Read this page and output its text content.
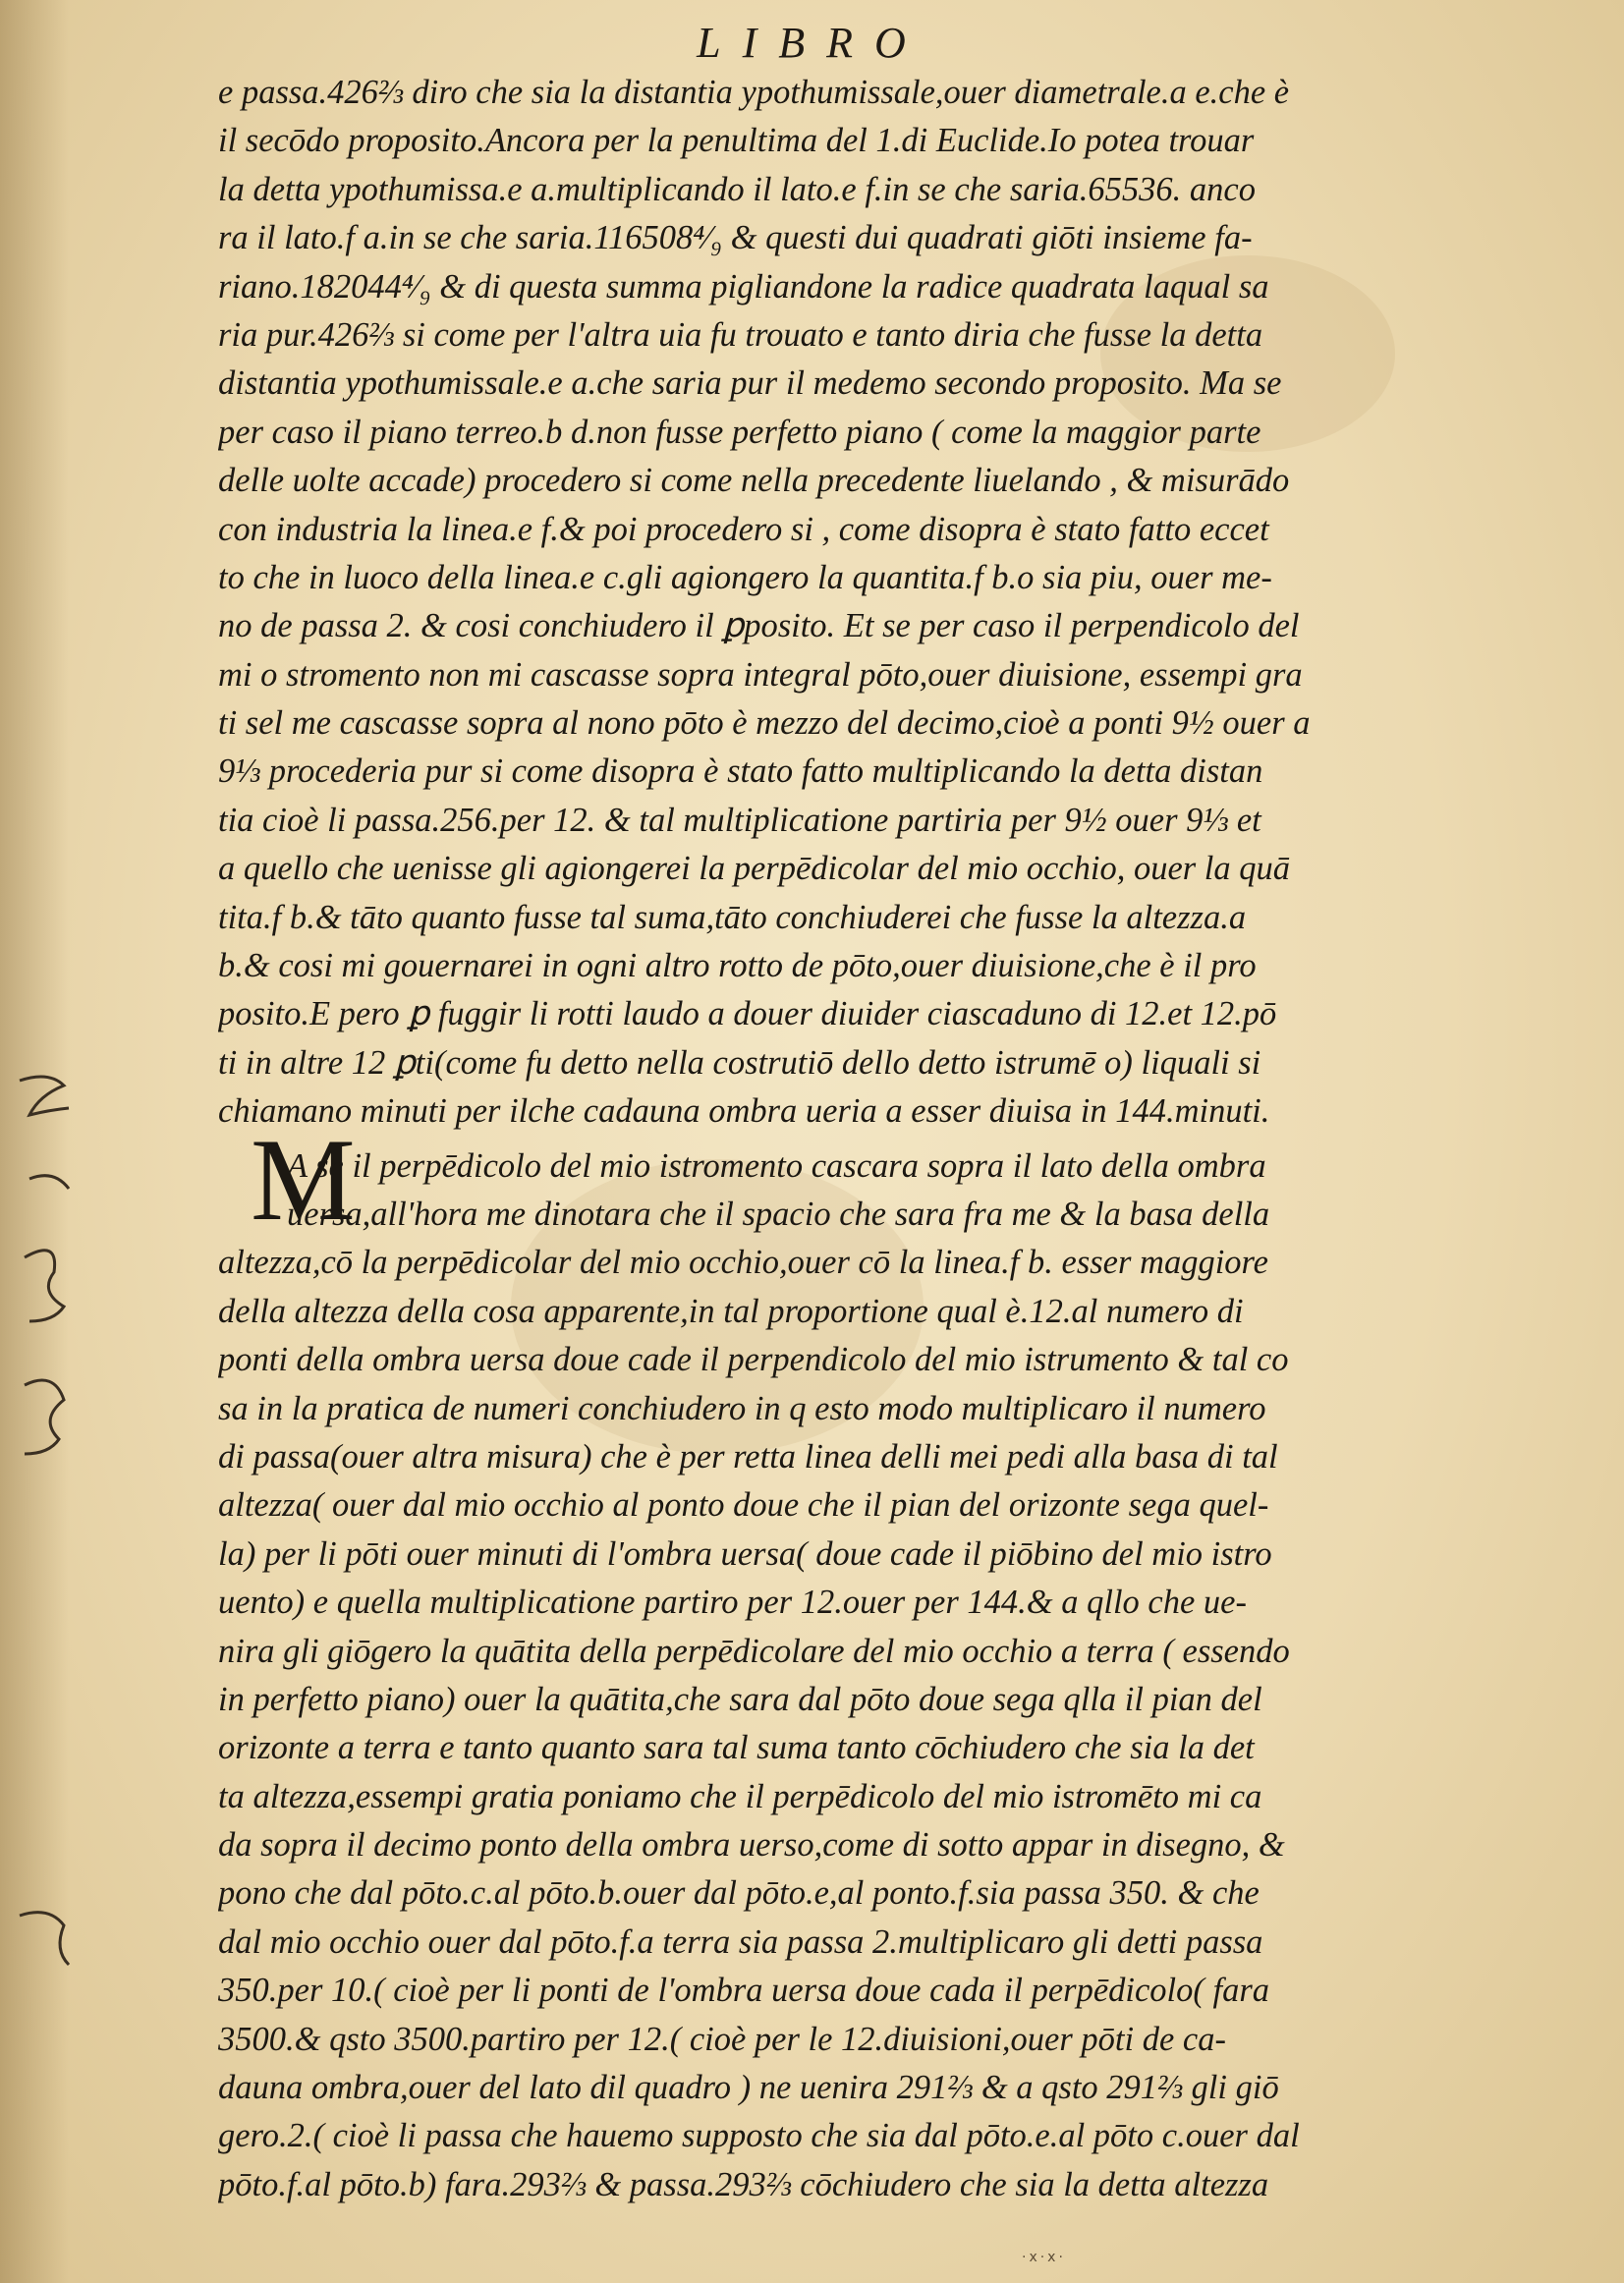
LIBRO
M
e passa.426⅔ diro che sia la distantia ypothumissale,ouer diametrale.a e.che è
il secōdo proposito.Ancora per la penultima del 1.di Euclide.Io potea trouar
la detta ypothumissa.e a.multiplicando il lato.e f.in se che saria.65536. anco
ra il lato.f a.in se che saria.116508⁴⁄₉ & questi dui quadrati giōti insieme fa-
riano.182044⁴⁄₉ & di questa summa pigliandone la radice quadrata laqual sa
ria pur.426⅔ si come per l'altra uia fu trouato e tanto diria che fusse la detta
distantia ypothumissale.e a.che saria pur il medemo secondo proposito. Ma se
per caso il piano terreo.b d.non fusse perfetto piano ( come la maggior parte
delle uolte accade) procedero si come nella precedente liuelando , & misurādo
con industria la linea.e f.& poi procedero si , come disopra è stato fatto eccet
to che in luoco della linea.e c.gli agiongero la quantita.f b.o sia piu, ouer me-
no de passa 2. & cosi conchiudero il ꝑposito. Et se per caso il perpendicolo del
mi o stromento non mi cascasse sopra integral pōto,ouer diuisione, essempi gra
ti sel me cascasse sopra al nono pōto è mezzo del decimo,cioè a ponti 9½ ouer a
9⅓ procederia pur si come disopra è stato fatto multiplicando la detta distan
tia cioè li passa.256.per 12. & tal multiplicatione partiria per 9½ ouer 9⅓ et
a quello che uenisse gli agiongerei la perpēdicolar del mio occhio, ouer la quā
tita.f b.& tāto quanto fusse tal suma,tāto conchiuderei che fusse la altezza.a
b.& cosi mi gouernarei in ogni altro rotto de pōto,ouer diuisione,che è il pro
posito.E pero ꝑ fuggir li rotti laudo a douer diuider ciascaduno di 12.et 12.pō
ti in altre 12 ꝑti(come fu detto nella costrutiō dello detto istrumē o) liquali si
chiamano minuti per ilche cadauna ombra ueria a esser diuisa in 144.minuti.
A se il perpēdicolo del mio istromento cascara sopra il lato della ombra
uersa,all'hora me dinotara che il spacio che sara fra me & la basa della
altezza,cō la perpēdicolar del mio occhio,ouer cō la linea.f b. esser maggiore
della altezza della cosa apparente,in tal proportione qual è.12.al numero di
ponti della ombra uersa doue cade il perpendicolo del mio istrumento & tal co
sa in la pratica de numeri conchiudero in q esto modo multiplicaro il numero
di passa(ouer altra misura) che è per retta linea delli mei pedi alla basa di tal
altezza( ouer dal mio occhio al ponto doue che il pian del orizonte sega quel-
la) per li pōti ouer minuti di l'ombra uersa( doue cade il piōbino del mio istro
uento) e quella multiplicatione partiro per 12.ouer per 144.& a qllo che ue-
nira gli giōgero la quātita della perpēdicolare del mio occhio a terra ( essendo
in perfetto piano) ouer la quātita,che sara dal pōto doue sega qlla il pian del
orizonte a terra e tanto quanto sara tal suma tanto cōchiudero che sia la det
ta altezza,essempi gratia poniamo che il perpēdicolo del mio istromēto mi ca
da sopra il decimo ponto della ombra uerso,come di sotto appar in disegno, &
pono che dal pōto.c.al pōto.b.ouer dal pōto.e,al ponto.f.sia passa 350. & che
dal mio occhio ouer dal pōto.f.a terra sia passa 2.multiplicaro gli detti passa
350.per 10.( cioè per li ponti de l'ombra uersa doue cada il perpēdicolo( fara
3500.& qsto 3500.partiro per 12.( cioè per le 12.diuisioni,ouer pōti de ca-
dauna ombra,ouer del lato dil quadro ) ne uenira 291⅔ & a qsto 291⅔ gli giō
gero.2.( cioè li passa che hauemo supposto che sia dal pōto.e.al pōto c.ouer dal
pōto.f.al pōto.b) fara.293⅔ & passa.293⅔ cōchiudero che sia la detta altezza
·x·x·
